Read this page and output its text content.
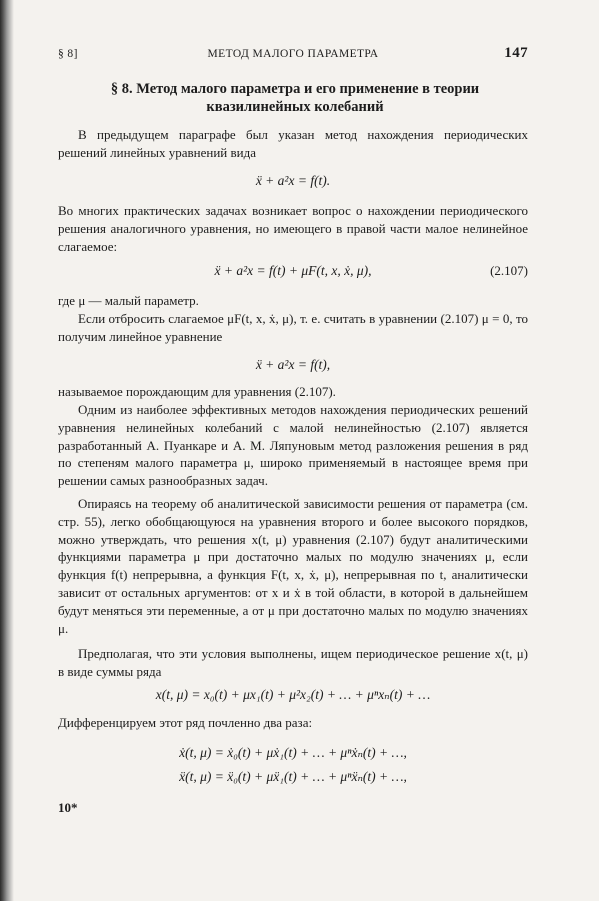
§ 8]	МЕТОД МАЛОГО ПАРАМЕТРА	147
§ 8. Метод малого параметра и его применение в теории квазилинейных колебаний
В предыдущем параграфе был указан метод нахождения периодических решений линейных уравнений вида
ẍ + a²x = f(t).
Во многих практических задачах возникает вопрос о нахождении периодического решения аналогичного уравнения, но имеющего в правой части малое нелинейное слагаемое:
ẍ + a²x = f(t) + μF(t, x, ẋ, μ),	(2.107)
где μ — малый параметр.
Если отбросить слагаемое μF(t, x, ẋ, μ), т. е. считать в уравнении (2.107) μ = 0, то получим линейное уравнение
ẍ + a²x = f(t),
называемое порождающим для уравнения (2.107).
Одним из наиболее эффективных методов нахождения периодических решений уравнения нелинейных колебаний с малой нелинейностью (2.107) является разработанный А. Пуанкаре и А. М. Ляпуновым метод разложения решения в ряд по степеням малого параметра μ, широко применяемый в настоящее время при решении самых разнообразных задач.
Опираясь на теорему об аналитической зависимости решения от параметра (см. стр. 55), легко обобщающуюся на уравнения второго и более высокого порядков, можно утверждать, что решения x(t, μ) уравнения (2.107) будут аналитическими функциями параметра μ при достаточно малых по модулю значениях μ, если функция f(t) непрерывна, а функция F(t, x, ẋ, μ), непрерывная по t, аналитически зависит от остальных аргументов: от x и ẋ в той области, в которой в дальнейшем будут меняться эти переменные, а от μ при достаточно малых по модулю значениях μ.
Предполагая, что эти условия выполнены, ищем периодическое решение x(t, μ) в виде суммы ряда
x(t, μ) = x₀(t) + μx₁(t) + μ²x₂(t) + … + μⁿxₙ(t) + …
Дифференцируем этот ряд почленно два раза:
ẋ(t, μ) = ẋ₀(t) + μẋ₁(t) + … + μⁿẋₙ(t) + …,
ẍ(t, μ) = ẍ₀(t) + μẍ₁(t) + … + μⁿẍₙ(t) + …,
10*
